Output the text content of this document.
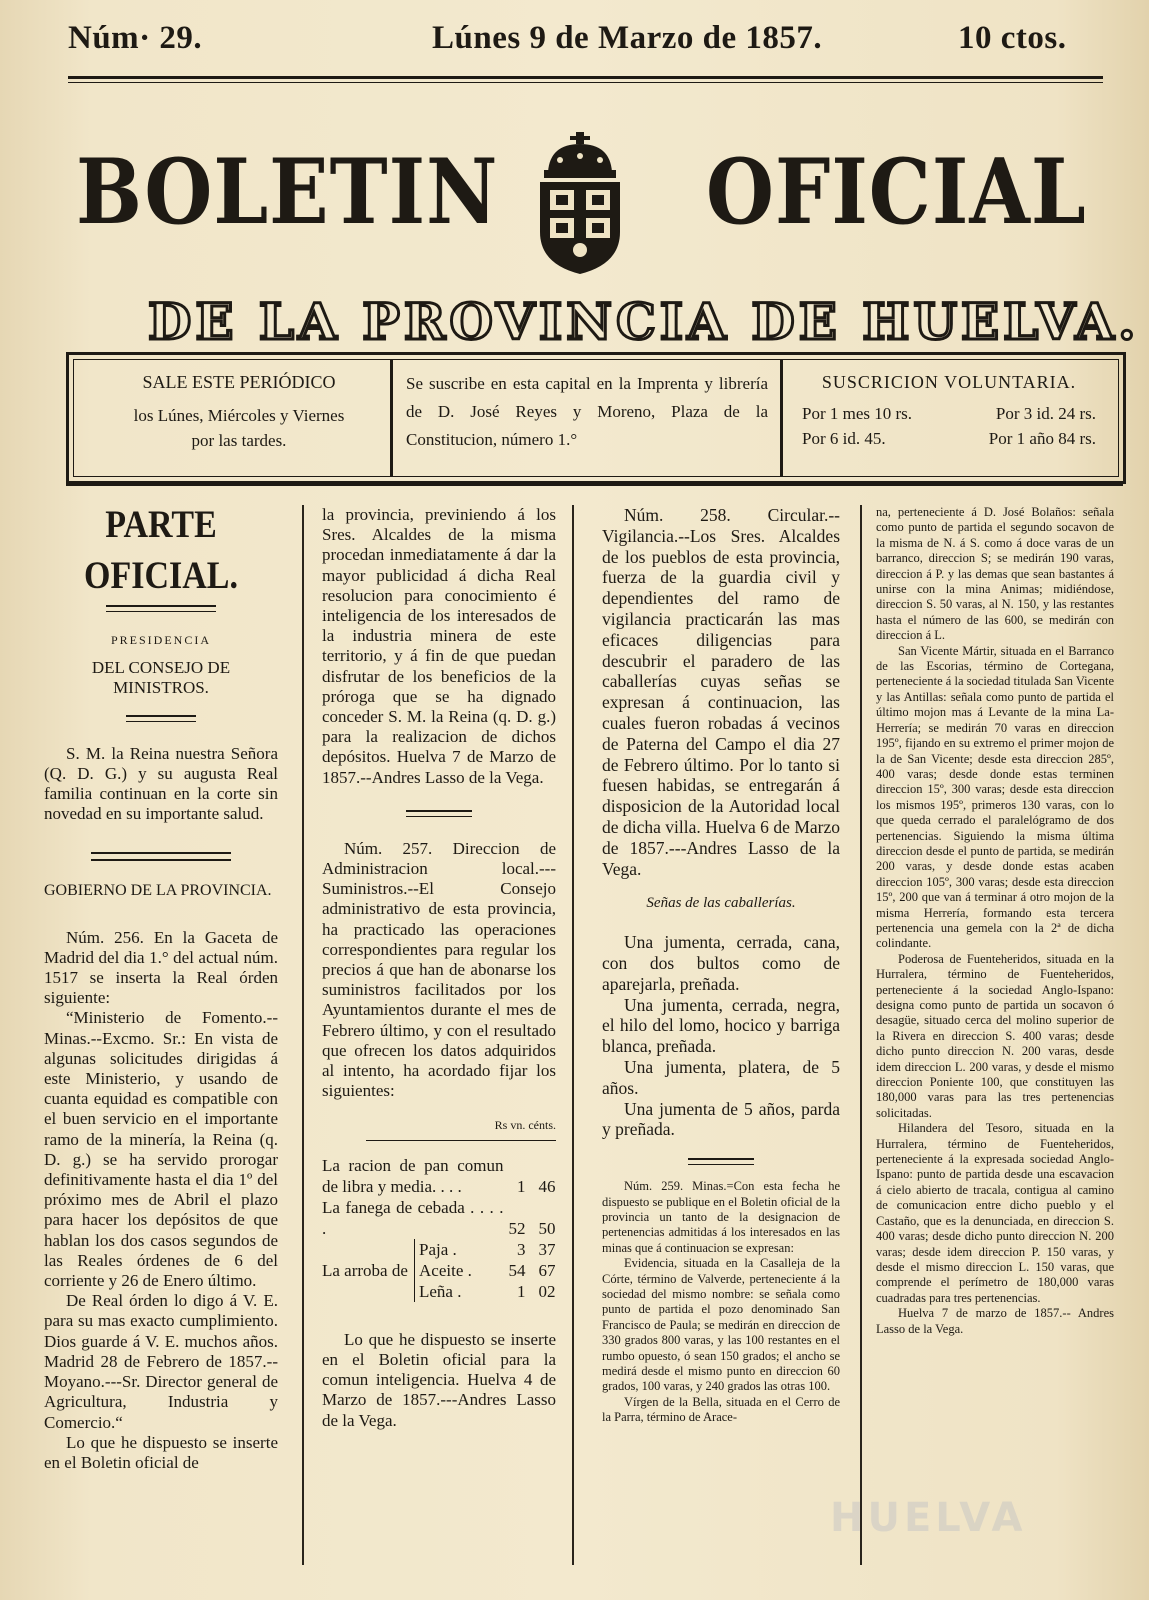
Núm· 29.	Lúnes 9 de Marzo de 1857.	10 ctos.
BOLETIN	OFICIAL
DE LA PROVINCIA DE HUELVA.
SALE ESTE PERIÓDICO
los Lúnes, Miércoles y Viernes por las tardes.
Se suscribe en esta capital en la Imprenta y librería de D. José Reyes y Moreno, Plaza de la Constitucion, número 1.°
SUSCRICION VOLUNTARIA.
Por 1 mes 10 rs.	Por 3 id. 24 rs.
Por 6 id. 45.	Por 1 año 84 rs.
PARTE OFICIAL.
PRESIDENCIA
DEL CONSEJO DE MINISTROS.

S. M. la Reina nuestra Señora (Q. D. G.) y su augusta Real familia continuan en la corte sin novedad en su importante salud.

GOBIERNO DE LA PROVINCIA.

Núm. 256. En la Gaceta de Madrid del dia 1.° del actual núm. 1517 se inserta la Real órden siguiente:

“Ministerio de Fomento.--Minas.--Excmo. Sr.: En vista de algunas solicitudes dirigidas á este Ministerio, y usando de cuanta equidad es compatible con el buen servicio en el importante ramo de la minería, la Reina (q. D. g.) se ha servido prorogar definitivamente hasta el dia 1º del próximo mes de Abril el plazo para hacer los depósitos de que hablan los dos casos segundos de las Reales órdenes de 6 del corriente y 26 de Enero último.

De Real órden lo digo á V. E. para su mas exacto cumplimiento. Dios guarde á V. E. muchos años. Madrid 28 de Febrero de 1857.--Moyano.---Sr. Director general de Agricultura, Industria y Comercio.“

Lo que he dispuesto se inserte en el Boletin oficial de

la provincia, previniendo á los Sres. Alcaldes de la misma procedan inmediatamente á dar la mayor publicidad á dicha Real resolucion para conocimiento é inteligencia de los interesados de la industria minera de este territorio, y á fin de que puedan disfrutar de los beneficios de la próroga que se ha dignado conceder S. M. la Reina (q. D. g.) para la realizacion de dichos depósitos. Huelva 7 de Marzo de 1857.--Andres Lasso de la Vega.

Núm. 257. Direccion de Administracion local.---Suministros.--El Consejo administrativo de esta provincia, ha practicado las operaciones correspondientes para regular los precios á que han de abonarse los suministros facilitados por los Ayuntamientos durante el mes de Febrero último, y con el resultado que ofrecen los datos adquiridos al intento, ha acordado fijar los siguientes:

Rs vn. cénts.
La racion de pan comun de libra y media. . . .		1	46
La fanega de cebada . . . . .		52	50
La arroba de	Paja .	3	37
	Aceite .	54	67
	Leña .	1	02

Lo que he dispuesto se inserte en el Boletin oficial para la comun inteligencia. Huelva 4 de Marzo de 1857.---Andres Lasso de la Vega.

Núm. 258. Circular.--Vigilancia.--Los Sres. Alcaldes de los pueblos de esta provincia, fuerza de la guardia civil y dependientes del ramo de vigilancia practicarán las mas eficaces diligencias para descubrir el paradero de las caballerías cuyas señas se expresan á continuacion, las cuales fueron robadas á vecinos de Paterna del Campo el dia 27 de Febrero último. Por lo tanto si fuesen habidas, se entregarán á disposicion de la Autoridad local de dicha villa. Huelva 6 de Marzo de 1857.---Andres Lasso de la Vega.

Señas de las caballerías.

Una jumenta, cerrada, cana, con dos bultos como de aparejarla, preñada.

Una jumenta, cerrada, negra, el hilo del lomo, hocico y barriga blanca, preñada.

Una jumenta, platera, de 5 años.

Una jumenta de 5 años, parda y preñada.

Núm. 259. Minas.=Con esta fecha he dispuesto se publique en el Boletin oficial de la provincia un tanto de la designacion de pertenencias admitidas á los interesados en las minas que á continuacion se expresan:

Evidencia, situada en la Casalleja de la Córte, término de Valverde, perteneciente á la sociedad del mismo nombre: se señala como punto de partida el pozo denominado San Francisco de Paula; se medirán en direccion de 330 grados 800 varas, y las 100 restantes en el rumbo opuesto, ó sean 150 grados; el ancho se medirá desde el mismo punto en direccion 60 grados, 100 varas, y 240 grados las otras 100.

Vírgen de la Bella, situada en el Cerro de la Parra, término de Arace-

na, perteneciente á D. José Bolaños: señala como punto de partida el segundo socavon de la misma de N. á S. como á doce varas de un barranco, direccion S; se medirán 190 varas, direccion á P. y las demas que sean bastantes á unirse con la mina Animas; midiéndose, direccion S. 50 varas, al N. 150, y las restantes hasta el número de las 600, se medirán con direccion á L.

San Vicente Mártir, situada en el Barranco de las Escorias, término de Cortegana, perteneciente á la sociedad titulada San Vicente y las Antillas: señala como punto de partida el último mojon mas á Levante de la mina La-Herrería; se medirán 70 varas en direccion 195º, fijando en su extremo el primer mojon de la de San Vicente; desde esta direccion 285º, 400 varas; desde donde estas terminen direccion 15º, 300 varas; desde esta direccion los mismos 195º, primeros 130 varas, con lo que queda cerrado el paralelógramo de dos pertenencias. Siguiendo la misma última direccion desde el punto de partida, se medirán 200 varas, y desde donde estas acaben direccion 105º, 300 varas; desde esta direccion 15º, 200 que van á terminar á otro mojon de la misma Herrería, formando esta tercera pertenencia una gemela con la 2ª de dicha colindante.

Poderosa de Fuenteheridos, situada en la Hurralera, término de Fuenteheridos, perteneciente á la sociedad Anglo-Ispano: designa como punto de partida un socavon ó desagüe, situado cerca del molino superior de la Rivera en direccion S. 400 varas; desde dicho punto direccion N. 200 varas, desde idem direccion L. 200 varas, y desde el mismo direccion Poniente 100, que constituyen las 180,000 varas para las tres pertenencias solicitadas.

Hilandera del Tesoro, situada en la Hurralera, término de Fuenteheridos, perteneciente á la expresada sociedad Anglo-Ispano: punto de partida desde una escavacion á cielo abierto de tracala, contigua al camino de comunicacion entre dicho pueblo y el Castaño, que es la denunciada, en direccion S. 400 varas; desde dicho punto direccion N. 200 varas; desde idem direccion P. 150 varas, y desde el mismo direccion L. 150 varas, que comprende el perímetro de 180,000 varas cuadradas para tres pertenencias.

Huelva 7 de marzo de 1857.-- Andres Lasso de la Vega.

HUELVA
